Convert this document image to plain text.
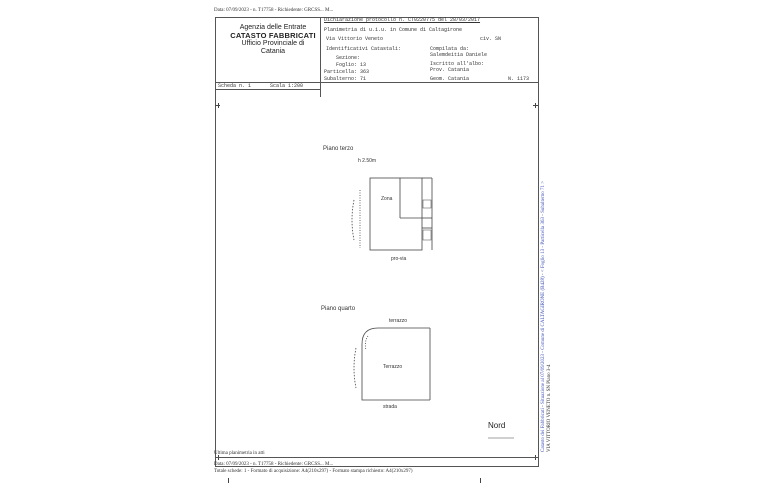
Data: 07/09/2023 - n. T17758 - Richiedente: GRCSS... M...
Agenzia delle Entrate
CATASTO FABBRICATI
Ufficio Provinciale di
Catania
Dichiarazione protocollo n. CT0220775 del 28/03/2017
Planimetria di u.i.u. in Comune di Caltagirone
Via Vittorio Veneto	civ. SN
Identificativi Catastali:
Sezione:
Foglio: 13
Particella: 363
Subalterno: 71
Compilata da:
Salemdeitia Daniele
Iscritto all'albo:
Prov. Catania
Geom. Catania	N. 1173
Scheda n. 1	Scala 1:200
Piano terzo
h 2.50m
Zona
pro-via
Piano quarto
terrazzo
Terrazzo
strada
Nord
Ultima planimetria in atti
Data: 07/09/2023 - n. T17758 - Richiedente: GRCSS... M...
Totale schede: 1 - Formato di acquisizione: A4(210x297) - Formato stampa richiesto: A4(210x297)
Catasto dei Fabbricati - Situazione al 07/09/2023 - Comune di CALTAGIRONE (B428) - < Foglio 13 - Particella 363 - Subalterno 71 > VIA VITTORIO VENETO n. SN Piano 3-4
